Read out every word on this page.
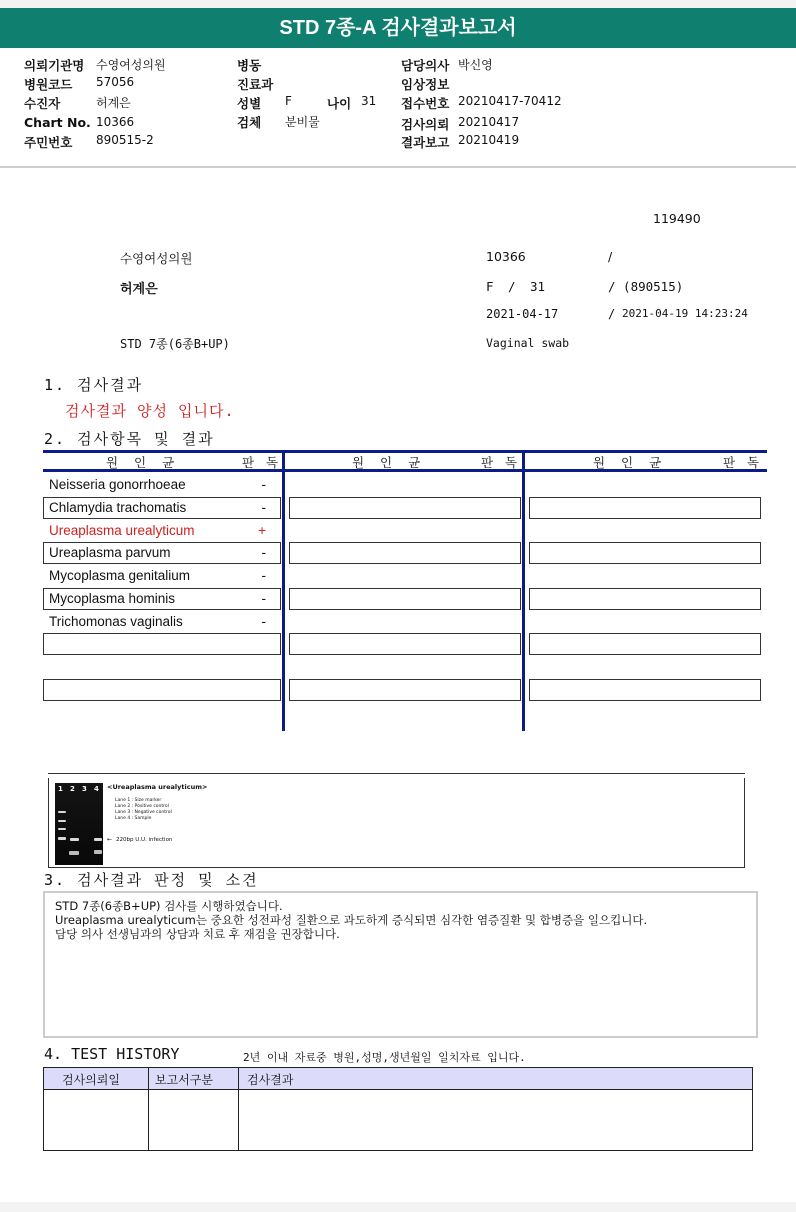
STD 7종-A 검사결과보고서
의뢰기관명 수영여성의원
병원코드 57056
수진자	허계은
Chart No. 10366
주민번호 890515-2
병동
진료과
성별 F	나이 31
검체 분비물
담당의사 박신영
임상정보
접수번호 20210417-70412
검사의뢰 20210417
결과보고 20210419
119490
수영여성의원	10366	/
허계은	F / 31	/ (890515)
2021-04-17	/ 2021-04-19 14:23:24
STD 7종(6종B+UP)	Vaginal swab
1. 검사결과
검사결과 양성 입니다.
2. 검사항목 및 결과
원 인 균	판 독	원 인 균	판 독	원 인 균	판 독
Neisseria gonorrhoeae	-
Chlamydia trachomatis	-
Ureaplasma urealyticum	+
Ureaplasma parvum	-
Mycoplasma genitalium	-
Mycoplasma hominis	-
Trichomonas vaginalis	-
1 2 3 4 <Ureaplasma urealyticum>
Lane 1 : Size marker
Lane 2 : Positive control
Lane 3 : Negative control
Lane 4 : Sample
← 220bp U.U. infection
3. 검사결과 판정 및 소견
STD 7종(6종B+UP) 검사를 시행하였습니다.
Ureaplasma urealyticum는 중요한 성전파성 질환으로 과도하게 증식되면 심각한 염증질환 및 합병증을 일으킵니다.
담당 의사 선생님과의 상담과 치료 후 재검을 권장합니다.
4. TEST HISTORY	2년 이내 자료중 병원,성명,생년월일 일치자료 입니다.
검사의뢰일	보고서구분	검사결과
